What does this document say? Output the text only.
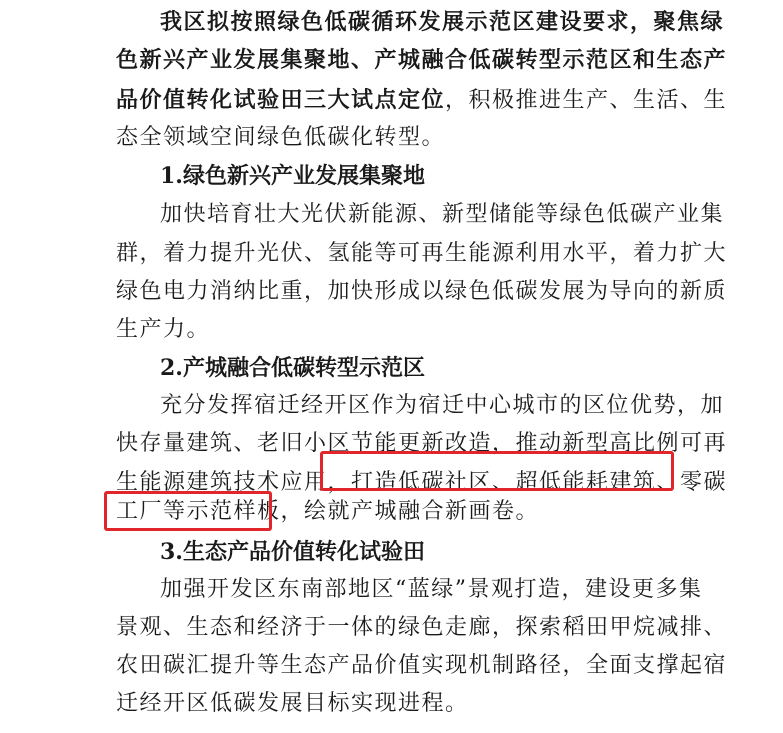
我区拟按照绿色低碳循环发展示范区建设要求，聚焦绿
色新兴产业发展集聚地、产城融合低碳转型示范区和生态产
品价值转化试验田三大试点定位，积极推进生产、生活、生
态全领域空间绿色低碳化转型。
1.绿色新兴产业发展集聚地
加快培育壮大光伏新能源、新型储能等绿色低碳产业集
群，着力提升光伏、氢能等可再生能源利用水平，着力扩大
绿色电力消纳比重，加快形成以绿色低碳发展为导向的新质
生产力。
2.产城融合低碳转型示范区
充分发挥宿迁经开区作为宿迁中心城市的区位优势，加
快存量建筑、老旧小区节能更新改造，推动新型高比例可再
生能源建筑技术应用，打造低碳社区、超低能耗建筑、零碳
工厂等示范样板，绘就产城融合新画卷。
3.生态产品价值转化试验田
加强开发区东南部地区“蓝绿”景观打造，建设更多集
景观、生态和经济于一体的绿色走廊，探索稻田甲烷减排、
农田碳汇提升等生态产品价值实现机制路径，全面支撑起宿
迁经开区低碳发展目标实现进程。
